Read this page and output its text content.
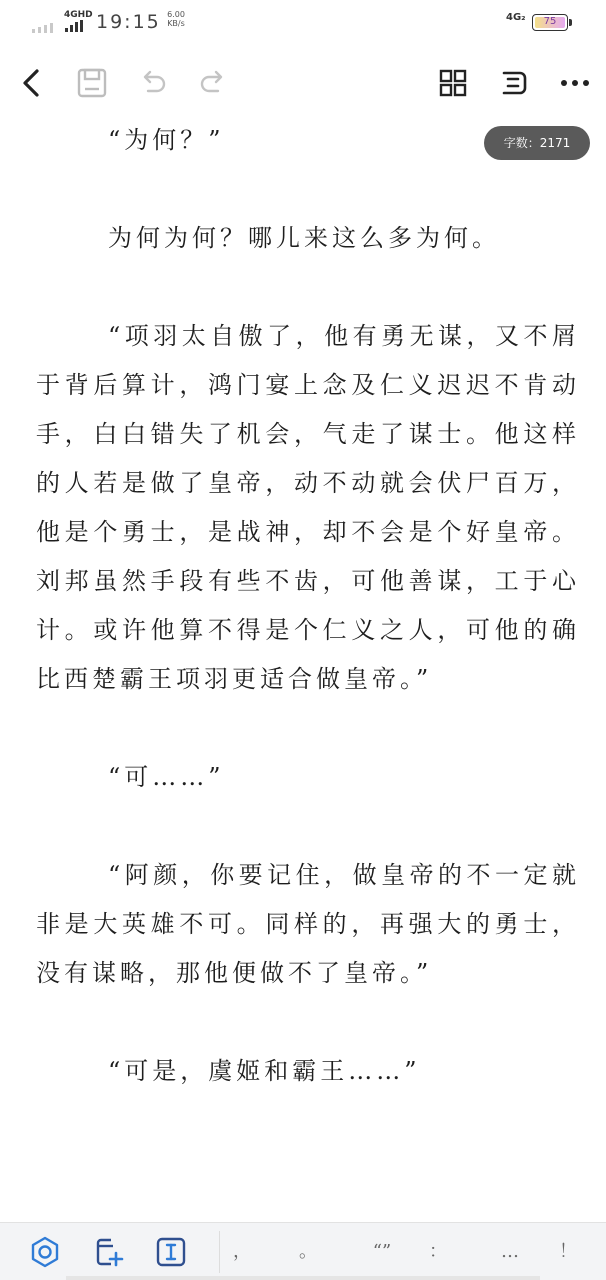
4GHD 19:15 6.00
KB/s
4G₂	75

“为何？”

为何为何？哪儿来这么多为何。

“项羽太自傲了，他有勇无谋，又不屑于背后算计，鸿门宴上念及仁义迟迟不肯动手，白白错失了机会，气走了谋士。他这样的人若是做了皇帝，动不动就会伏尸百万，他是个勇士，是战神，却不会是个好皇帝。刘邦虽然手段有些不齿，可他善谋，工于心计。或许他算不得是个仁义之人，可他的确比西楚霸王项羽更适合做皇帝。”

“可……”

“阿颜，你要记住，做皇帝的不一定就非是大英雄不可。同样的，再强大的勇士，没有谋略，那他便做不了皇帝。”

“可是，虞姬和霸王……”

字数：2171
，	。	“”	：	…	！
